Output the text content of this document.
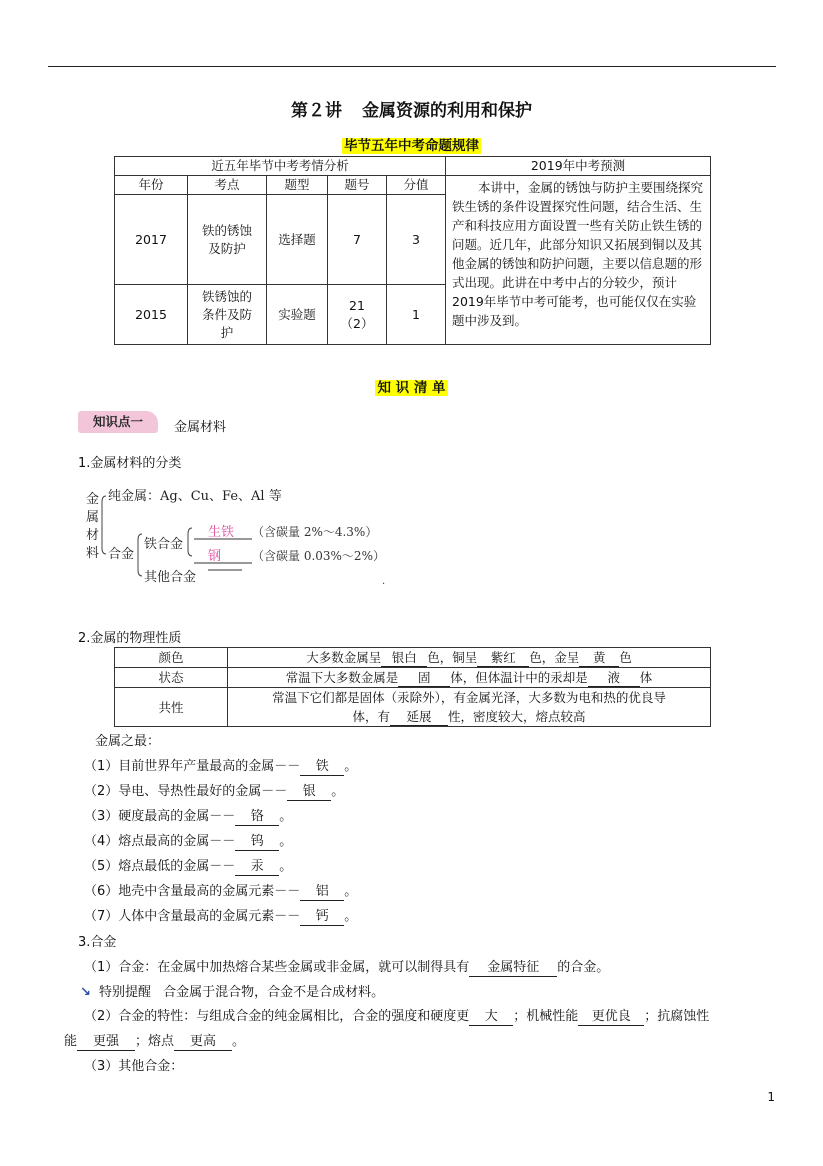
第２讲 金属资源的利用和保护
毕节五年中考命题规律
近五年毕节中考考情分析					2019年中考预测
年份	考点	题型	题号	分值	本讲中，金属的锈蚀与防护主要围绕探究铁生锈的条件设置探究性问题，结合生活、生产和科技应用方面设置一些有关防止铁生锈的问题。近几年，此部分知识又拓展到铜以及其他金属的锈蚀和防护问题，主要以信息题的形式出现。此讲在中考中占的分较少，预计2019年毕节中考可能考，也可能仅仅在实验题中涉及到。
2017	铁的锈蚀及防护	选择题	7	3	
2015	铁锈蚀的条件及防护	实验题	21（2）	1	
知 识 清 单
知识点一	金属材料
1.金属材料的分类
金
属
材
料
纯金属：Ag、Cu、Fe、Al 等
合金
铁合金
其他合金
生铁 （含碳量 2%～4.3%）
钢	（含碳量 0.03%～2%）
.
2.金属的物理性质
颜色	大多数金属呈 银白 色，铜呈 紫红 色，金呈 黄 色
状态	常温下大多数金属是 固 体，但体温计中的汞却是 液 体
共性	常温下它们都是固体（汞除外），有金属光泽，大多数为电和热的优良导
体，有 延展 性，密度较大，熔点较高
金属之最：
（1）目前世界年产量最高的金属－－ 铁 。
（2）导电、导热性最好的金属－－ 银 。
（3）硬度最高的金属－－ 铬 。
（4）熔点最高的金属－－ 钨 。
（5）熔点最低的金属－－ 汞 。
（6）地壳中含量最高的金属元素－－ 铝 。
（7）人体中含量最高的金属元素－－ 钙 。
3.合金
（1）合金：在金属中加热熔合某些金属或非金属，就可以制得具有 金属特征 的合金。
↘ 特别提醒 合金属于混合物，合金不是合成材料。
（2）合金的特性：与组成合金的纯金属相比，合金的强度和硬度更 大 ；机械性能 更优良 ；抗腐蚀性
能 更强 ；熔点 更高 。
（3）其他合金：
1
